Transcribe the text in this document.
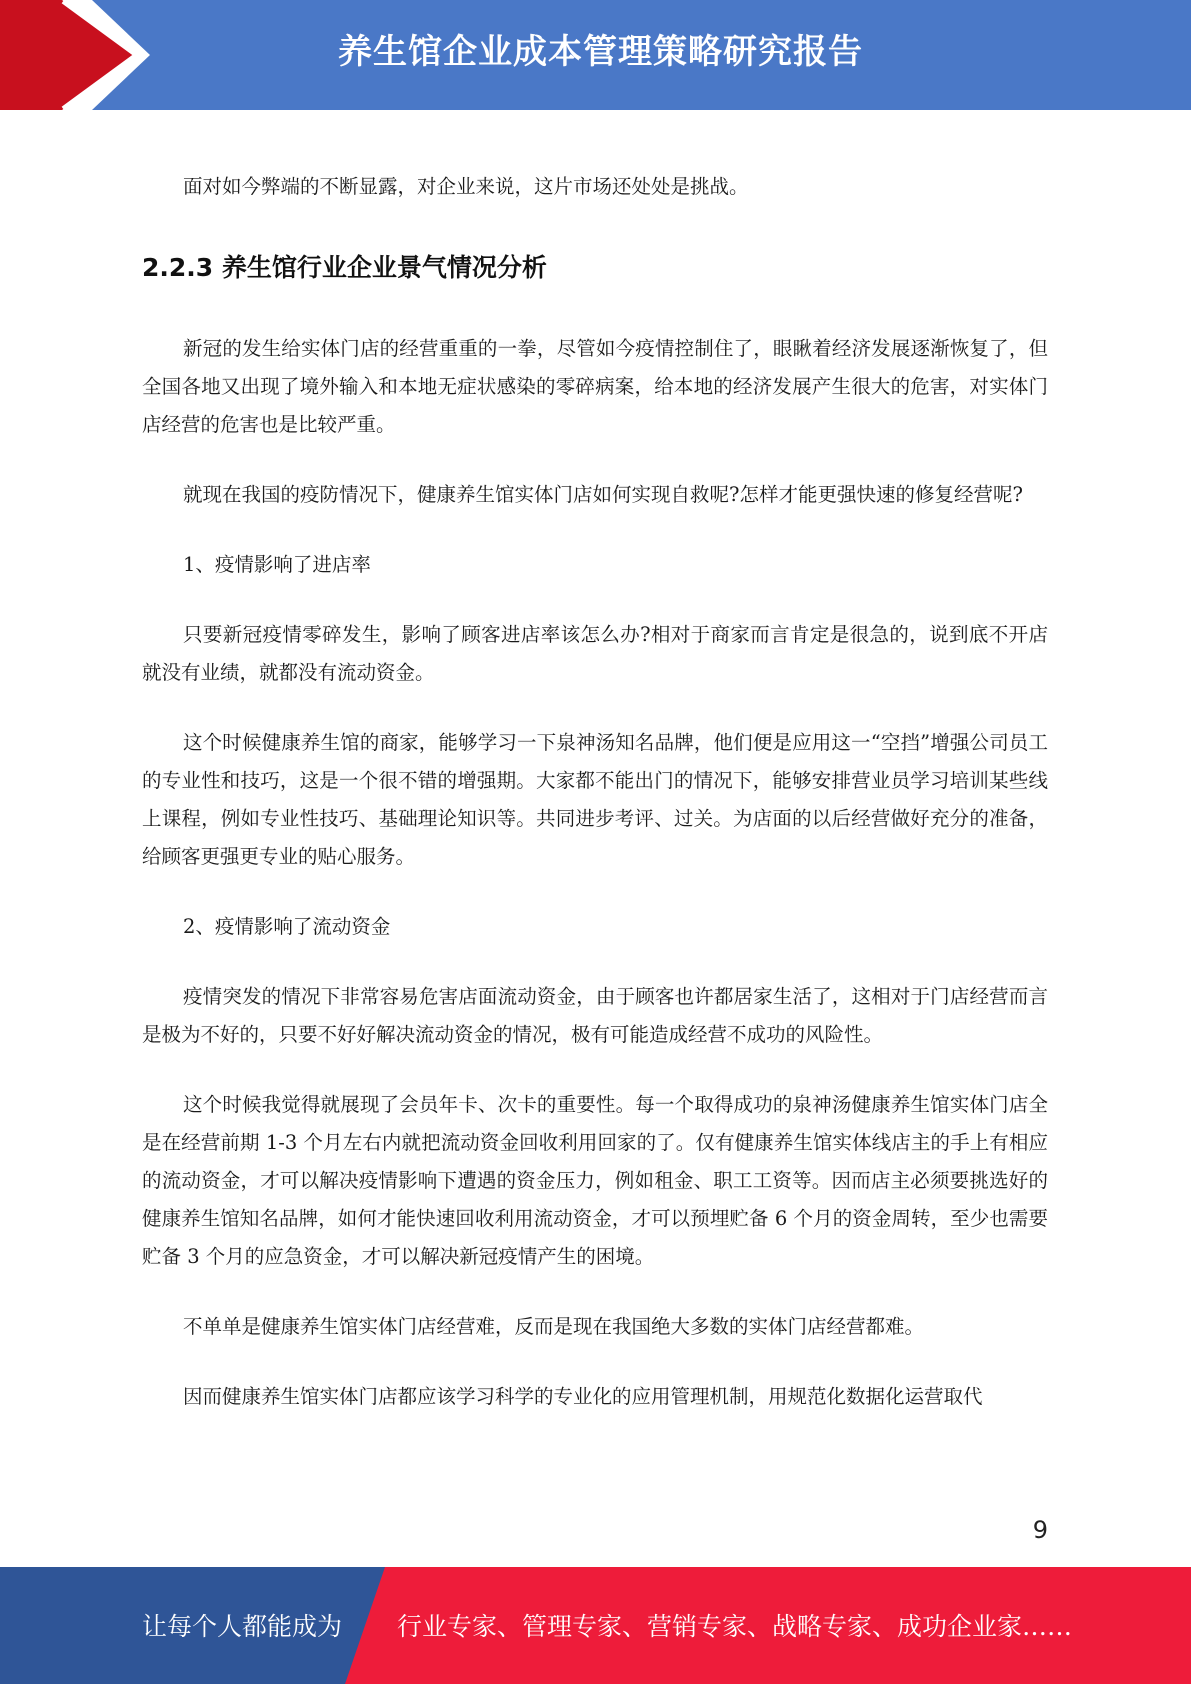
养生馆企业成本管理策略研究报告

面对如今弊端的不断显露，对企业来说，这片市场还处处是挑战。

2.2.3 养生馆行业企业景气情况分析

新冠的发生给实体门店的经营重重的一拳，尽管如今疫情控制住了，眼瞅着经济发展逐渐恢复了，但全国各地又出现了境外输入和本地无症状感染的零碎病案，给本地的经济发展产生很大的危害，对实体门店经营的危害也是比较严重。

就现在我国的疫防情况下，健康养生馆实体门店如何实现自救呢?怎样才能更强快速的修复经营呢?

1、疫情影响了进店率

只要新冠疫情零碎发生，影响了顾客进店率该怎么办?相对于商家而言肯定是很急的，说到底不开店就没有业绩，就都没有流动资金。

这个时候健康养生馆的商家，能够学习一下泉神汤知名品牌，他们便是应用这一“空挡”增强公司员工的专业性和技巧，这是一个很不错的增强期。大家都不能出门的情况下，能够安排营业员学习培训某些线上课程，例如专业性技巧、基础理论知识等。共同进步考评、过关。为店面的以后经营做好充分的准备，给顾客更强更专业的贴心服务。

2、疫情影响了流动资金

疫情突发的情况下非常容易危害店面流动资金，由于顾客也许都居家生活了，这相对于门店经营而言是极为不好的，只要不好好解决流动资金的情况，极有可能造成经营不成功的风险性。

这个时候我觉得就展现了会员年卡、次卡的重要性。每一个取得成功的泉神汤健康养生馆实体门店全是在经营前期 1-3 个月左右内就把流动资金回收利用回家的了。仅有健康养生馆实体线店主的手上有相应的流动资金，才可以解决疫情影响下遭遇的资金压力，例如租金、职工工资等。因而店主必须要挑选好的健康养生馆知名品牌，如何才能快速回收利用流动资金，才可以预埋贮备 6 个月的资金周转，至少也需要贮备 3 个月的应急资金，才可以解决新冠疫情产生的困境。

不单单是健康养生馆实体门店经营难，反而是现在我国绝大多数的实体门店经营都难。

因而健康养生馆实体门店都应该学习科学的专业化的应用管理机制，用规范化数据化运营取代

9
让每个人都能成为 行业专家、管理专家、营销专家、战略专家、成功企业家……
